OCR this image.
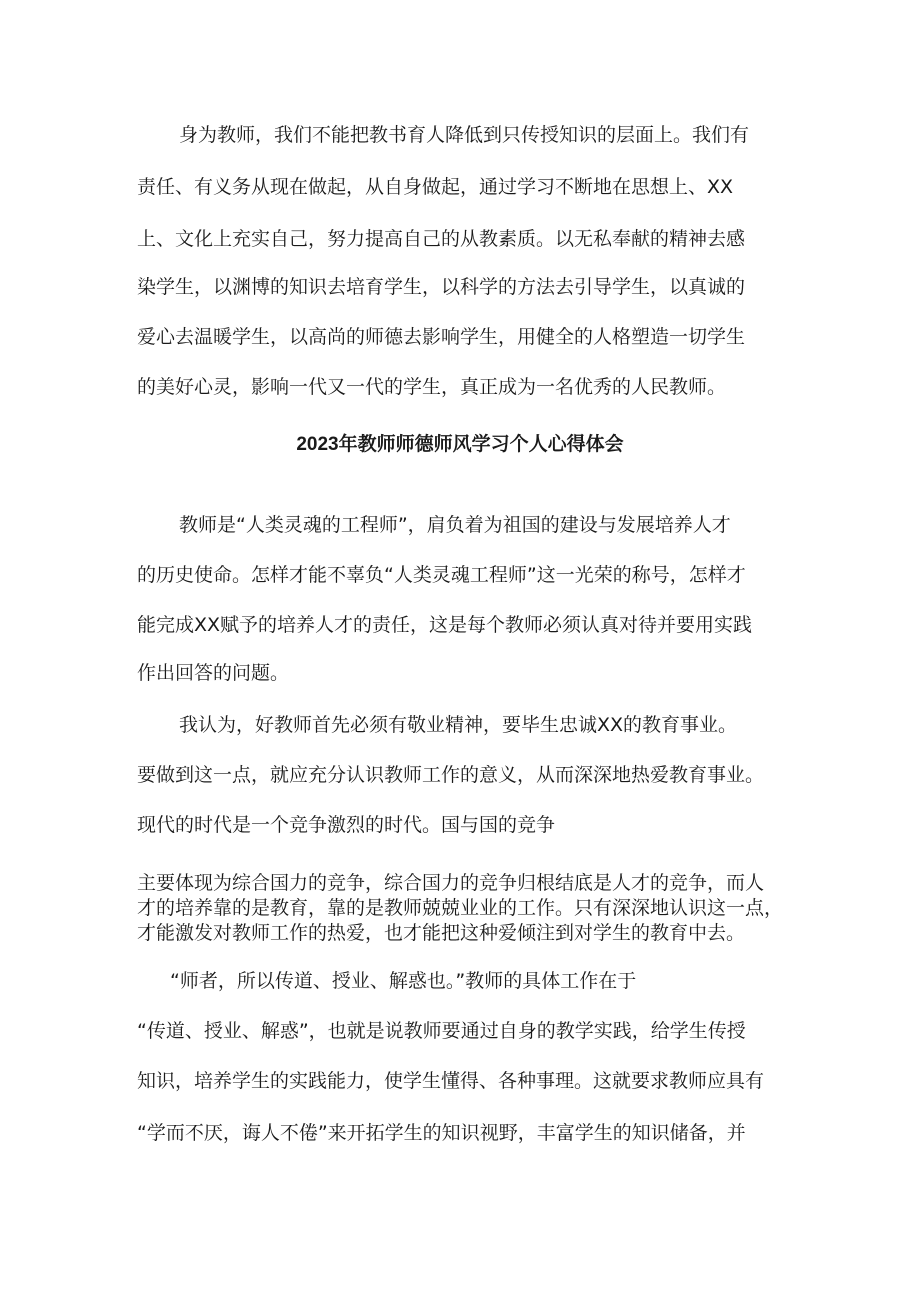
身为教师，我们不能把教书育人降低到只传授知识的层面上。我们有
责任、有义务从现在做起，从自身做起，通过学习不断地在思想上、XX
上、文化上充实自己，努力提高自己的从教素质。以无私奉献的精神去感
染学生，以渊博的知识去培育学生，以科学的方法去引导学生，以真诚的
爱心去温暖学生，以高尚的师德去影响学生，用健全的人格塑造一切学生
的美好心灵，影响一代又一代的学生，真正成为一名优秀的人民教师。
2023年教师师德师风学习个人心得体会
教师是“人类灵魂的工程师”，肩负着为祖国的建设与发展培养人才
的历史使命。怎样才能不辜负“人类灵魂工程师”这一光荣的称号，怎样才
能完成XX赋予的培养人才的责任，这是每个教师必须认真对待并要用实践
作出回答的问题。
我认为，好教师首先必须有敬业精神，要毕生忠诚XX的教育事业。
要做到这一点，就应充分认识教师工作的意义，从而深深地热爱教育事业。
现代的时代是一个竞争激烈的时代。国与国的竞争
主要体现为综合国力的竞争，综合国力的竞争归根结底是人才的竞争，而人
才的培养靠的是教育，靠的是教师兢兢业业的工作。只有深深地认识这一点，
才能激发对教师工作的热爱，也才能把这种爱倾注到对学生的教育中去。
“师者，所以传道、授业、解惑也。”教师的具体工作在于
“传道、授业、解惑”，也就是说教师要通过自身的教学实践，给学生传授
知识，培养学生的实践能力，使学生懂得、各种事理。这就要求教师应具有
“学而不厌，诲人不倦”来开拓学生的知识视野，丰富学生的知识储备，并
